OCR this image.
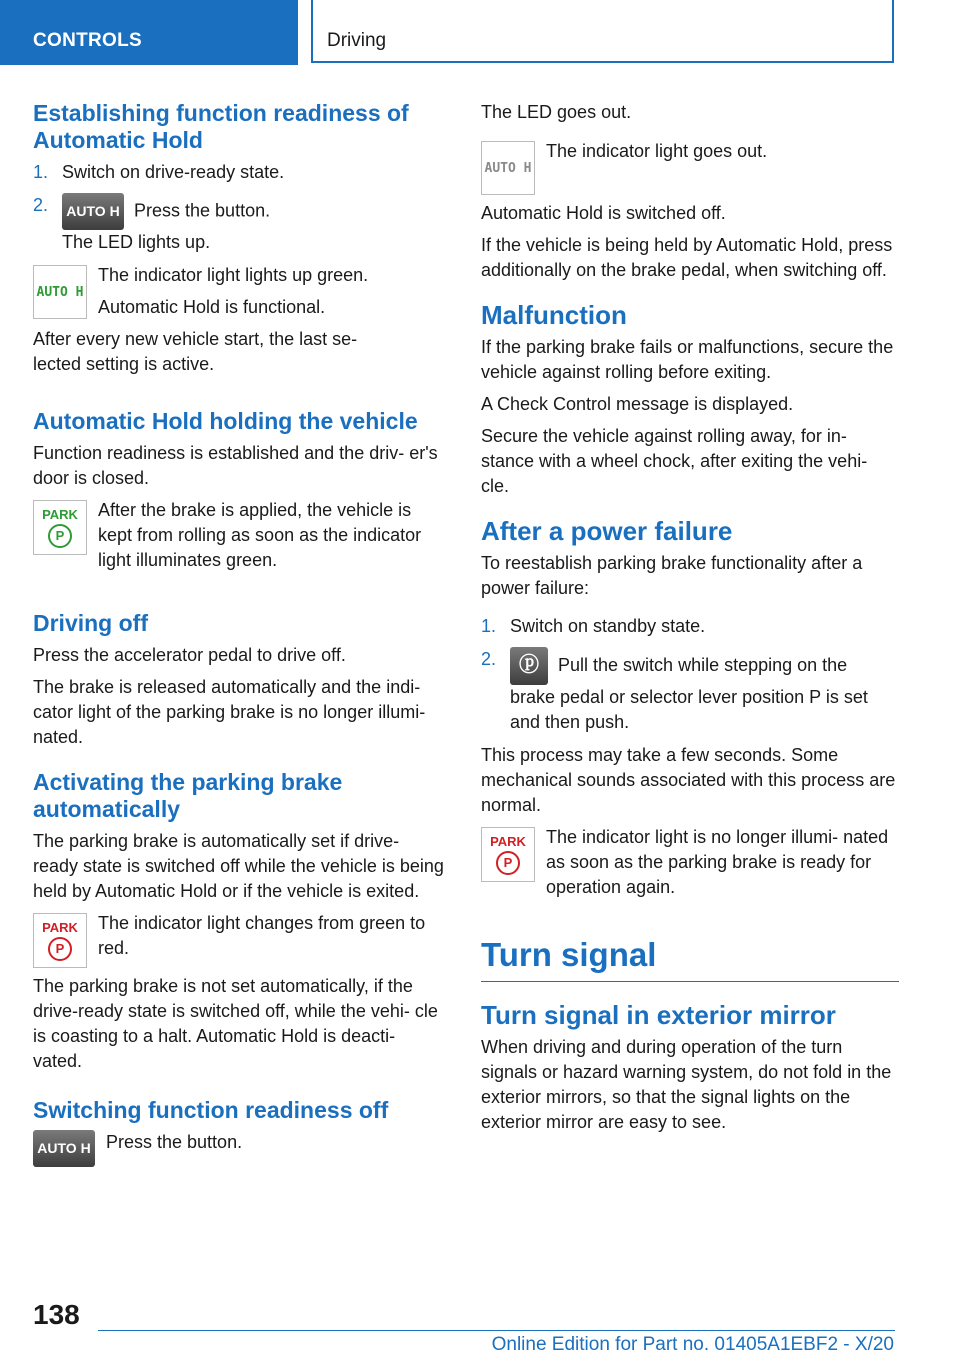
CONTROLS	Driving
Establishing function readiness of Automatic Hold
1. Switch on drive-ready state.
2. AUTO H Press the button.
The LED lights up.
AUTO H

The indicator light lights up green.

Automatic Hold is functional.

After every new vehicle start, the last se‐

lected setting is active.

Automatic Hold holding the vehicle

Function readiness is established and the driv‐ er's door is closed.

PARK
P

After the brake is applied, the vehicle is kept from rolling as soon as the indicator light illuminates green.

Driving off

Press the accelerator pedal to drive off.

The brake is released automatically and the indi‐ cator light of the parking brake is no longer illumi‐ nated.

Activating the parking brake automatically

The parking brake is automatically set if drive- ready state is switched off while the vehicle is being held by Automatic Hold or if the vehicle is exited.

PARK
P

The indicator light changes from green to red.

The parking brake is not set automatically, if the drive-ready state is switched off, while the vehi‐ cle is coasting to a halt. Automatic Hold is deacti‐ vated.

Switching function readiness off
AUTO H Press the button.

The LED goes out.

AUTO H

The indicator light goes out.

Automatic Hold is switched off.

If the vehicle is being held by Automatic Hold, press additionally on the brake pedal, when switching off.

Malfunction

If the parking brake fails or malfunctions, secure the vehicle against rolling before exiting.

A Check Control message is displayed.

Secure the vehicle against rolling away, for in‐ stance with a wheel chock, after exiting the vehi‐ cle.

After a power failure

To reestablish parking brake functionality after a power failure:

1. Switch on standby state.
2. ⓟ Pull the switch while stepping on the brake pedal or selector lever position P is set and then push.

This process may take a few seconds. Some mechanical sounds associated with this process are normal.

PARK
P

The indicator light is no longer illumi‐ nated as soon as the parking brake is ready for operation again.

Turn signal
Turn signal in exterior mirror

When driving and during operation of the turn signals or hazard warning system, do not fold in the exterior mirrors, so that the signal lights on the exterior mirror are easy to see.

138
Online Edition for Part no. 01405A1EBF2 - X/20
